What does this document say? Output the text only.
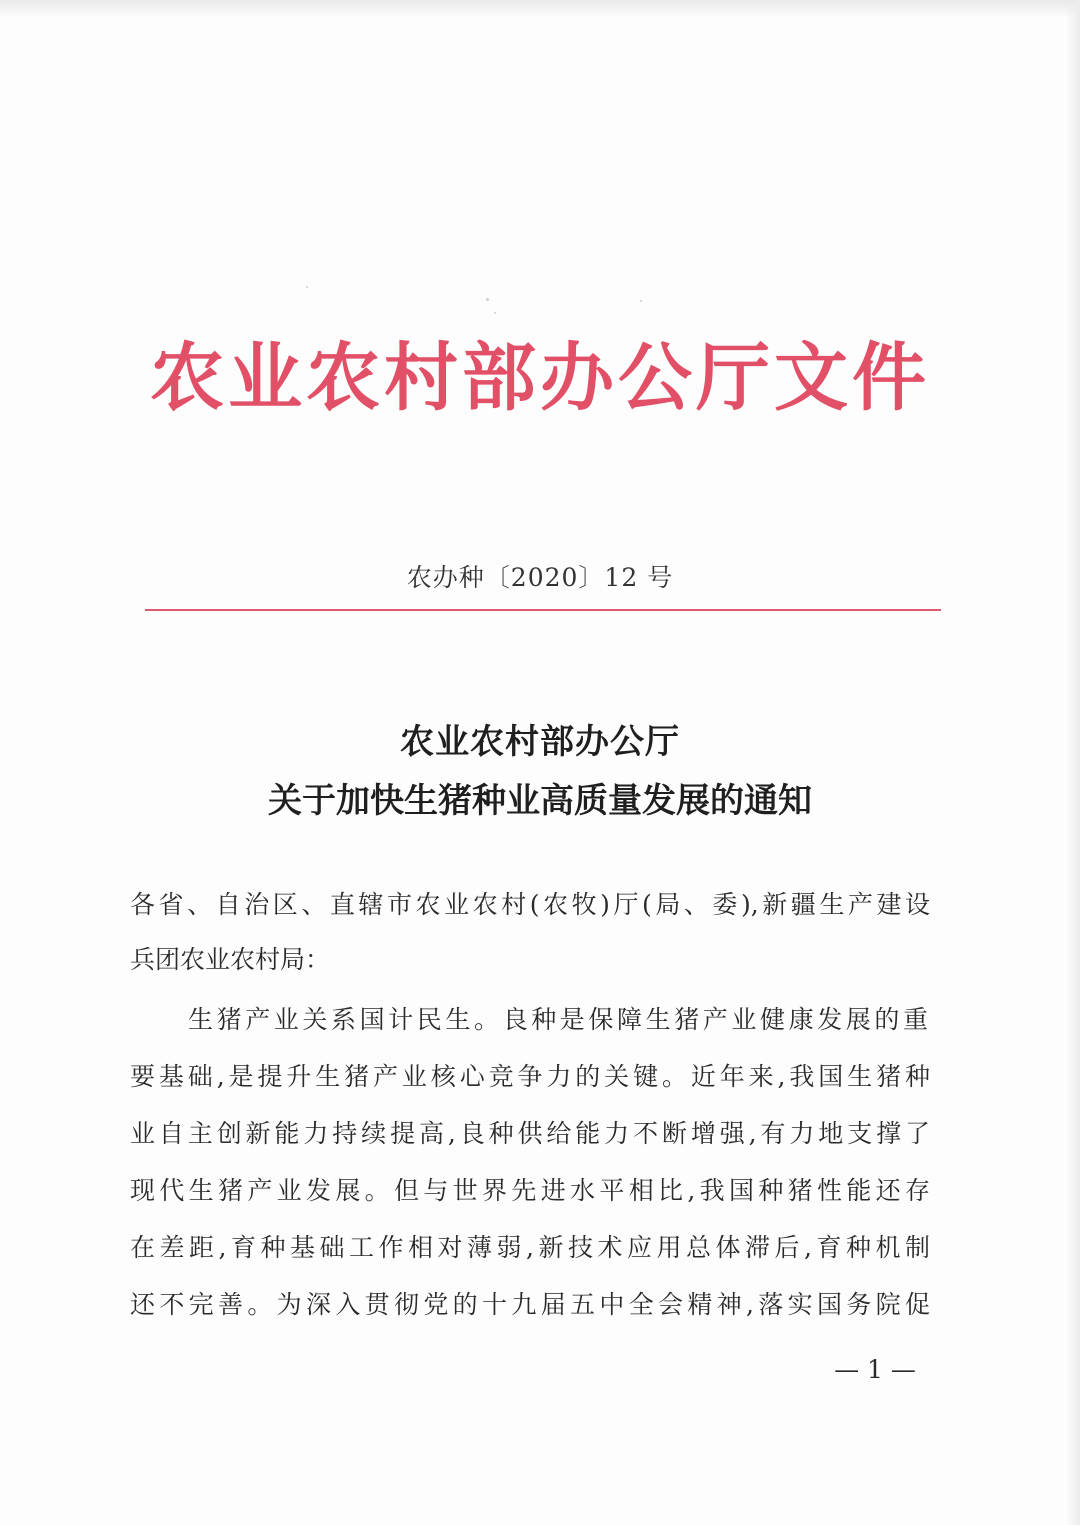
农业农村部办公厅文件
农办种〔2020〕12 号
农业农村部办公厅
关于加快生猪种业高质量发展的通知
各省、自治区、直辖市农业农村(农牧)厅(局、委),新疆生产建设
兵团农业农村局：
生猪产业关系国计民生。良种是保障生猪产业健康发展的重
要基础,是提升生猪产业核心竞争力的关键。近年来,我国生猪种
业自主创新能力持续提高,良种供给能力不断增强,有力地支撑了
现代生猪产业发展。但与世界先进水平相比,我国种猪性能还存
在差距,育种基础工作相对薄弱,新技术应用总体滞后,育种机制
还不完善。为深入贯彻党的十九届五中全会精神,落实国务院促
— 1 —
